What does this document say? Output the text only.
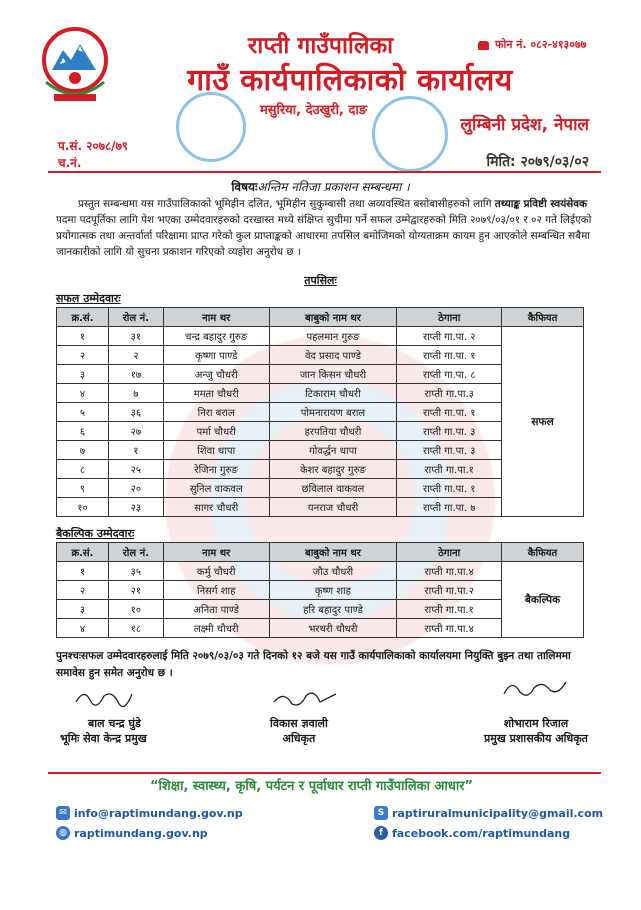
राप्ती गाउँपालिका
गाउँ कार्यपालिकाको कार्यालय
फोन नं. ०८२-४१३०७७
मसुरिया, देउखुरी, दाङ
लुम्बिनी प्रदेश, नेपाल
प.सं. २०७८/७९
च.नं.	मिति: २०७९/०३/०२
विषयःअन्तिम नतिजा प्रकाशन सम्बन्धमा ।
प्रस्तुत सम्बन्धमा यस गाउँपालिकाको भूमिहीन दलित, भूमिहीन सुकुम्बासी तथा अव्यवस्थित बसोबासीहरुको लागि तथ्याङ्क प्रविष्टी स्वयंसेवक पदमा पदपूर्तिका लागि पेश भएका उम्मेदवारहरुको दरखास्त मध्ये संक्षिप्त सुचीमा पर्ने सफल उम्मेद्वारहरुको मिति २०७९/०३/०१ र ०२ गते लिईएको प्रयोगात्मक तथा अन्तर्वार्ता परिक्षामा प्राप्त गरेको कुल प्राप्ताङ्कको आधारमा तपसिल बमोजिमको योग्यताक्रम कायम हुन आएकोले सम्बन्धित सबैमा जानकारीको लागि यो सुचना प्रकाशन गरिएको व्यहोरा अनुरोध छ ।
तपसिलः
सफल उम्मेदवारः
क्र.सं.	रोल नं.	नाम थर	बाबुको नाम थर	ठेगाना	कैफियत
१	३१	चन्द्र बहादुर गुरुङ	पहलमान गुरुङ	राप्ती गा.पा. २	सफल
२	२	कृष्णा पाण्डे	वेद प्रसाद पाण्डे	राप्ती गा.पा. १	
३	१७	अन्जु चौधरी	जान किसन चौधरी	राप्ती गा.पा. ८	
४	७	ममता चौधरी	टिकाराम चौधरी	राप्ती गा.पा.३	
५	३६	निरा बराल	पोमनारायण बराल	राप्ती गा.पा. १	
६	२७	पर्मा चौधरी	हरपतिया चौधरी	राप्ती गा.पा. ३	
७	१	शिवा थापा	गोवर्द्धन थापा	राप्ती गा.पा. ३	
८	२५	रेजिना गुरुङ	केशर बहादुर गुरुङ	राप्ती गा.पा.१	
९	२०	सुनिल वाकवल	छविलाल वाकवल	राप्ती गा.पा. १	
१०	२३	सागर चौधरी	यनराज चौधरी	राप्ती गा.पा. ७	
बैकल्पिक उम्मेदवारः
क्र.सं.	रोल नं.	नाम थर	बाबुको नाम थर	ठेगाना	कैफियत
१	३५	कर्मु चौधरी	जौउ चौधरी	राप्ती गा.पा.४	बैकल्पिक
२	२१	निसर्ग शाह	कृष्ण शाह	राप्ती गा.पा.२	
३	१०	अनिता पाण्डे	हरि बहादुर पाण्डे	राप्ती गा.पा.१	
४	१८	लक्ष्मी चौधरी	भरथरी चौधरी	राप्ती गा.पा.४	
पुनश्चःसफल उम्मेदवारहरुलाई मिति २०७९/०३/०३ गते दिनको १२ बजे यस गाउँ कार्यपालिकाको कार्यालयमा नियुक्ति बुझ्न तथा तालिममा समावेस हुन समेत अनुरोध छ ।
बाल चन्द्र घुंडे
भूमिः सेवा केन्द्र प्रमुख
विकास ज्ञवाली
अधिकृत
शोभाराम रिजाल
प्रमुख प्रशासकीय अधिकृत
“शिक्षा, स्वास्थ्य, कृषि, पर्यटन र पूर्वाधार राप्ती गाउँपालिका आधार”
✉ info@raptimundang.gov.np
◍ raptimundang.gov.np
S raptiruralmunicipality@gmail.com
f facebook.com/raptimundang
